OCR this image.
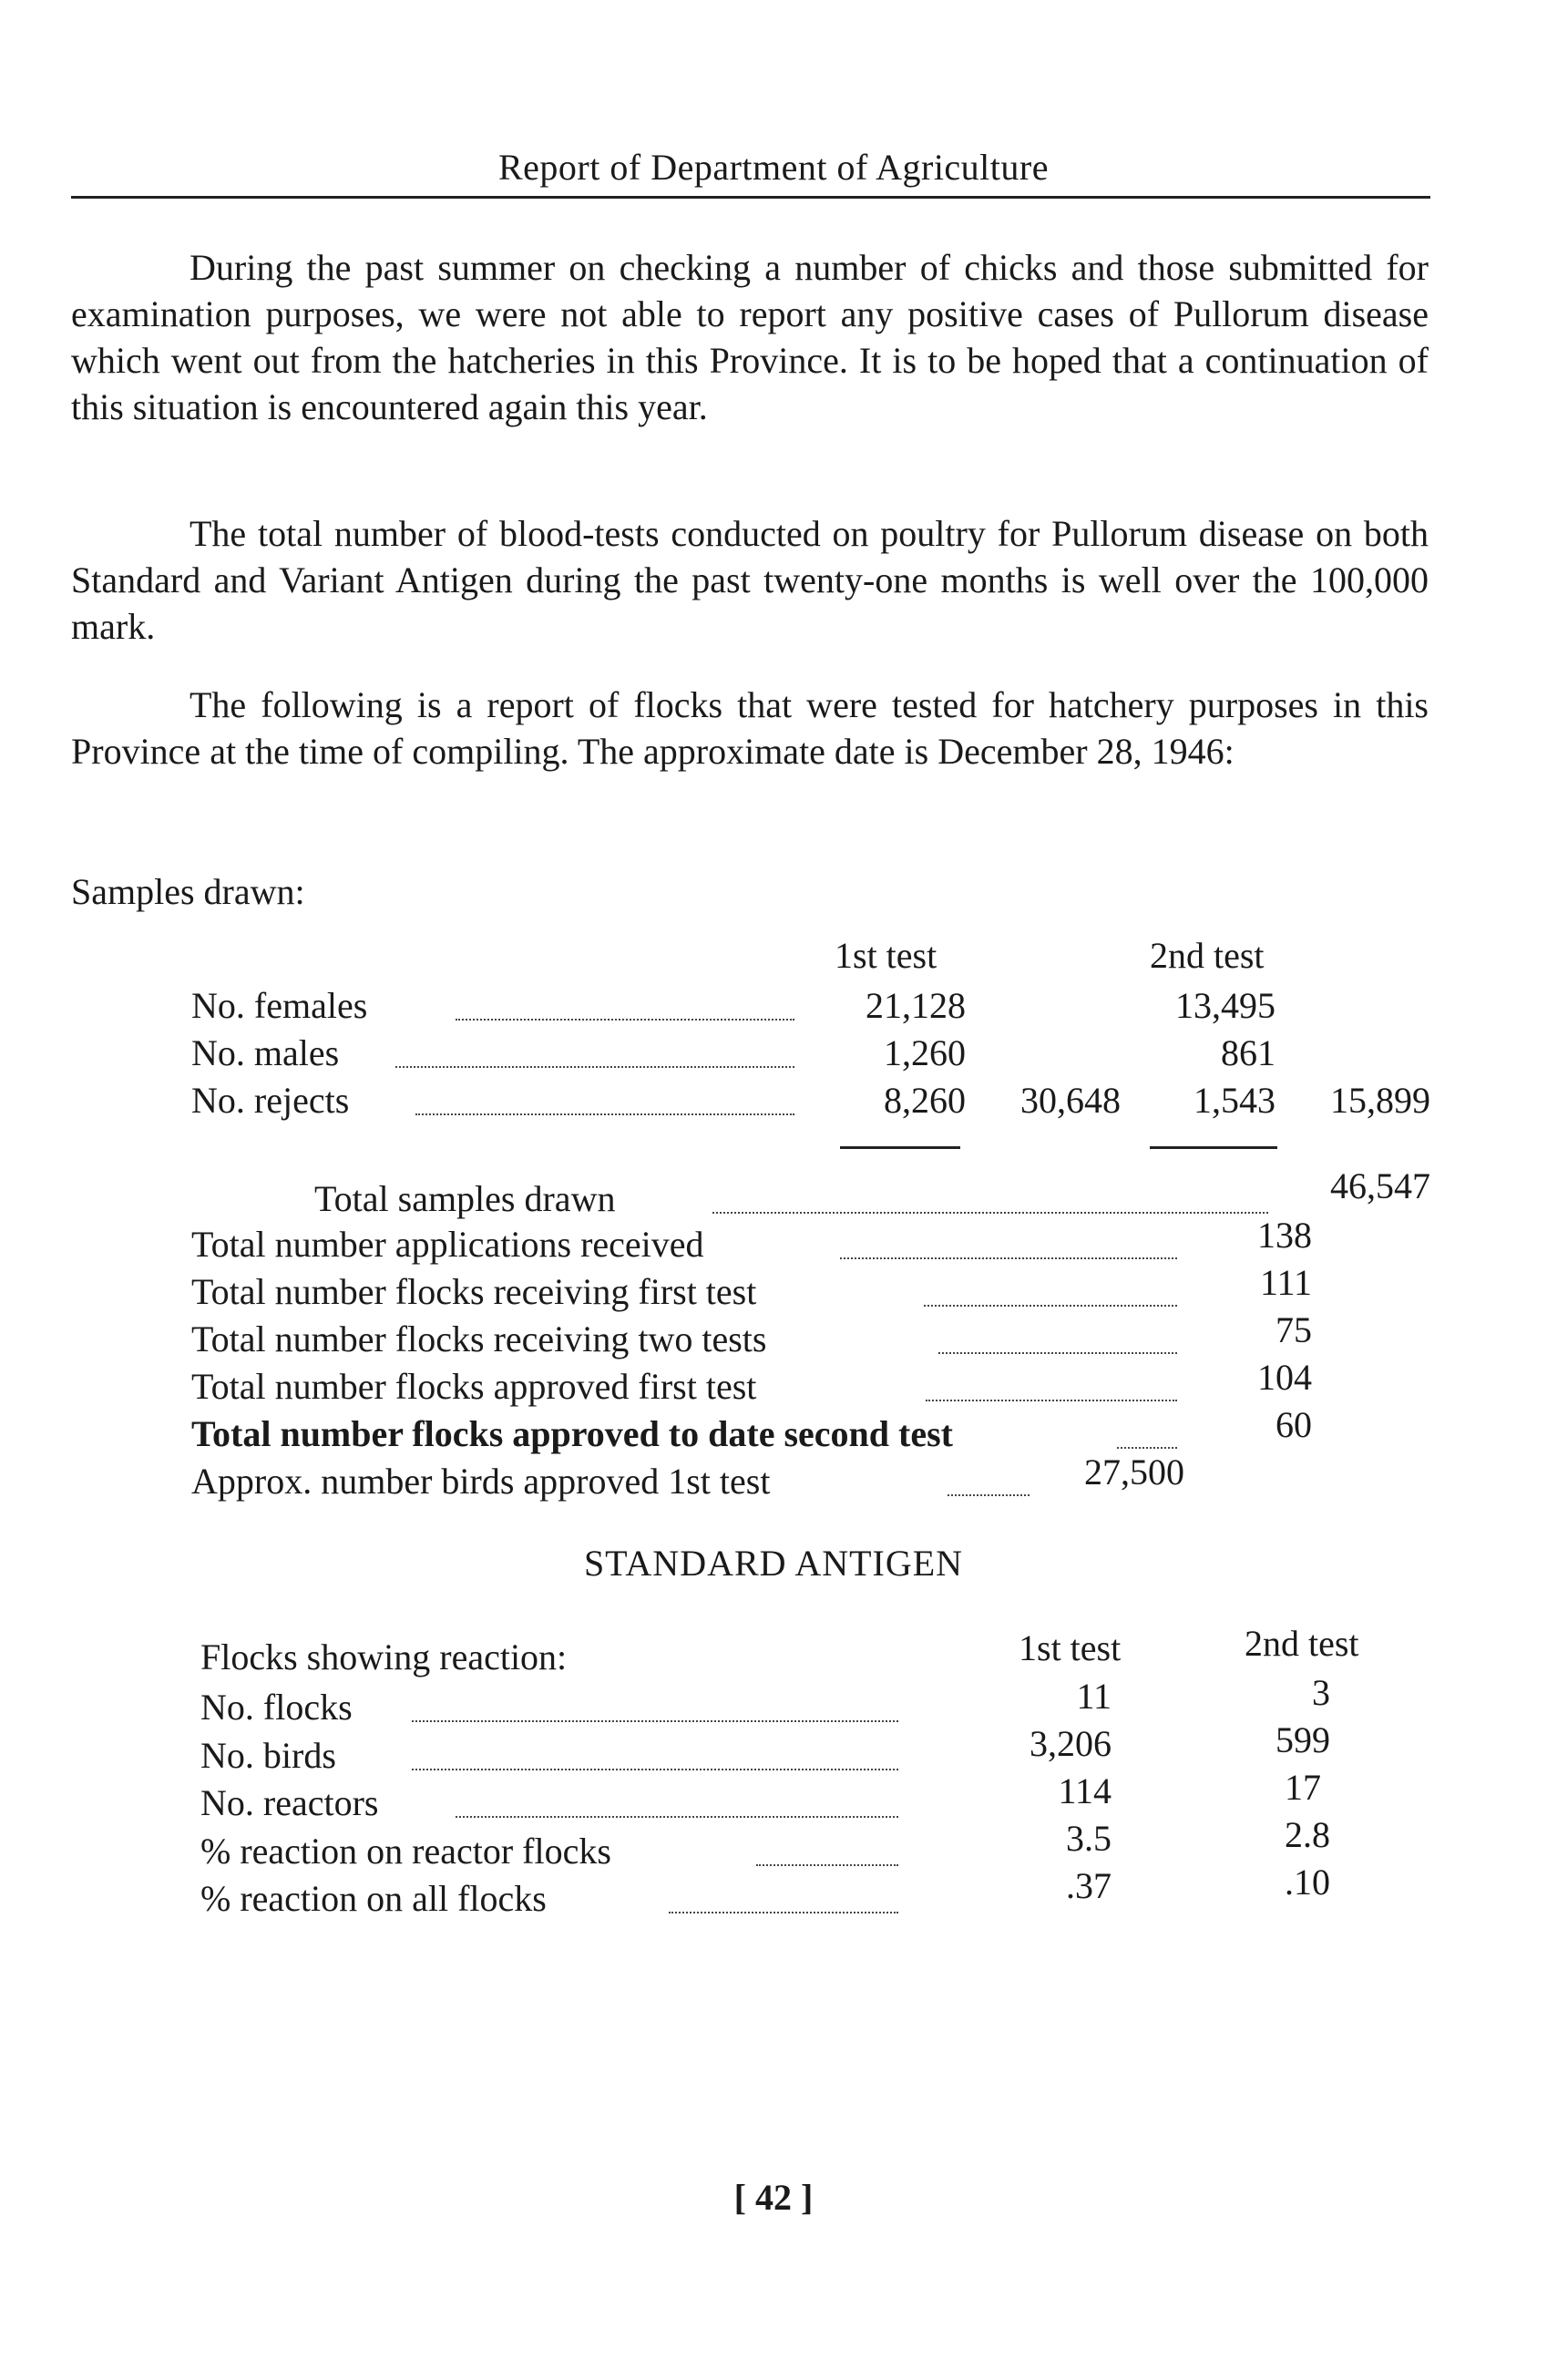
Report of Department of Agriculture

During the past summer on checking a number of chicks and those submitted for examination purposes, we were not able to report any positive cases of Pullorum disease which went out from the hatcheries in this Province. It is to be hoped that a continuation of this situation is encountered again this year.

The total number of blood-tests conducted on poultry for Pullorum disease on both Standard and Variant Antigen during the past twenty-one months is well over the 100,000 mark.

The following is a report of flocks that were tested for hatchery purposes in this Province at the time of compiling. The approximate date is December 28, 1946:

Samples drawn:
1st test	2nd test
No. females	21,128	13,495
No. males	1,260	861
No. rejects	8,260	30,648	1,543	15,899
Total samples drawn	46,547
Total number applications received	138
Total number flocks receiving first test	111
Total number flocks receiving two tests	75
Total number flocks approved first test	104
Total number flocks approved to date second test	60
Approx. number birds approved 1st test	27,500
STANDARD ANTIGEN
Flocks showing reaction:	1st test	2nd test
No. flocks	11	3
No. birds	3,206	599
No. reactors	114	17
% reaction on reactor flocks	3.5	2.8
% reaction on all flocks	.37	.10
[ 42 ]
